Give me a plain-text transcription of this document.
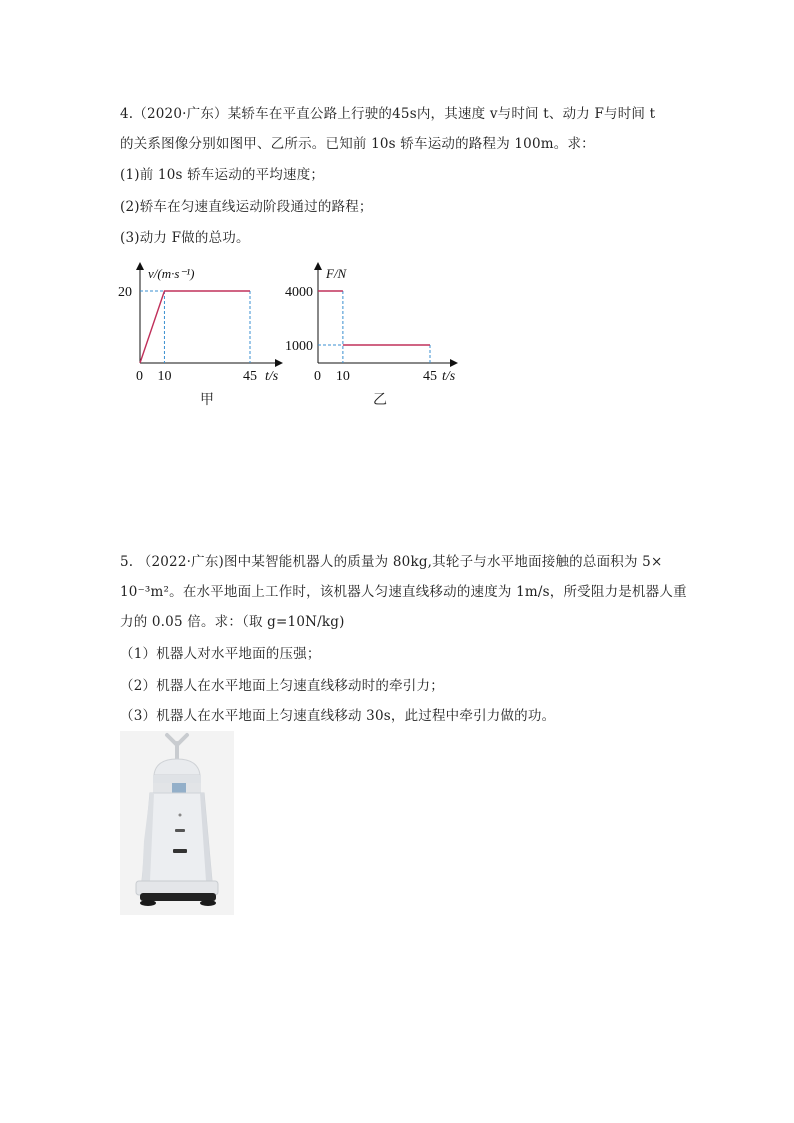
4.（2020·广东）某轿车在平直公路上行驶的45s内，其速度 v与时间 t、动力 F与时间 t
的关系图像分别如图甲、乙所示。已知前 10s 轿车运动的路程为 100m。求：
(1)前 10s 轿车运动的平均速度；
(2)轿车在匀速直线运动阶段通过的路程；
(3)动力 F做的总功。
v/(m·s⁻¹)
20
0 10	45 t/s
甲
F/N
4000
1000
0 10	45 t/s
乙
5. （2022·广东)图中某智能机器人的质量为 80kg,其轮子与水平地面接触的总面积为 5×
10⁻³m²。在水平地面上工作时，该机器人匀速直线移动的速度为 1m/s，所受阻力是机器人重
力的 0.05 倍。求：（取 g=10N/kg)
（1）机器人对水平地面的压强；
（2）机器人在水平地面上匀速直线移动时的牵引力；
（3）机器人在水平地面上匀速直线移动 30s，此过程中牵引力做的功。
